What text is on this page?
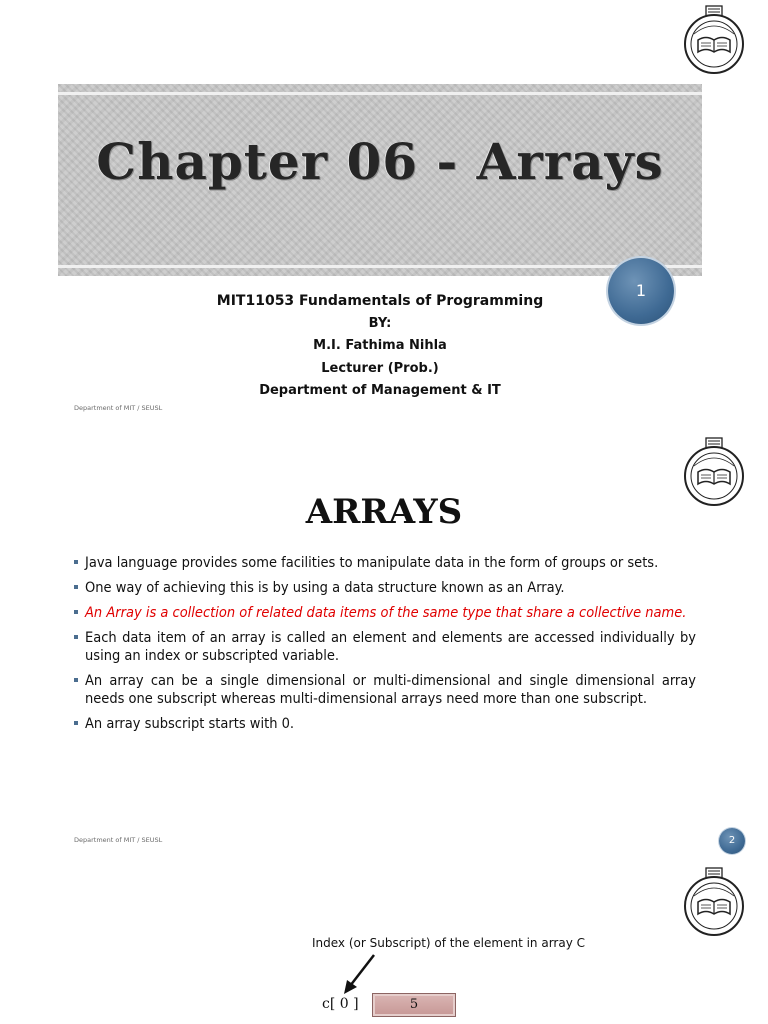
Chapter 06 - Arrays
1
MIT11053 Fundamentals of Programming
BY:
M.I. Fathima Nihla
Lecturer (Prob.)
Department of Management & IT
Department of MIT / SEUSL
ARRAYS
Java language provides some facilities to manipulate data in the form of groups or sets.
One way of achieving this is by using a data structure known as an Array.
An Array is a collection of related data items of the same type that share a collective name.
Each data item of an array is called an element and elements are accessed individually by using an index or subscripted variable.
An array can be a single dimensional or multi-dimensional and single dimensional array needs one subscript whereas multi-dimensional arrays need more than one subscript.
An array subscript starts with 0.
Department of MIT / SEUSL	2
Index (or Subscript) of the element in array C
c[ 0 ]	5
